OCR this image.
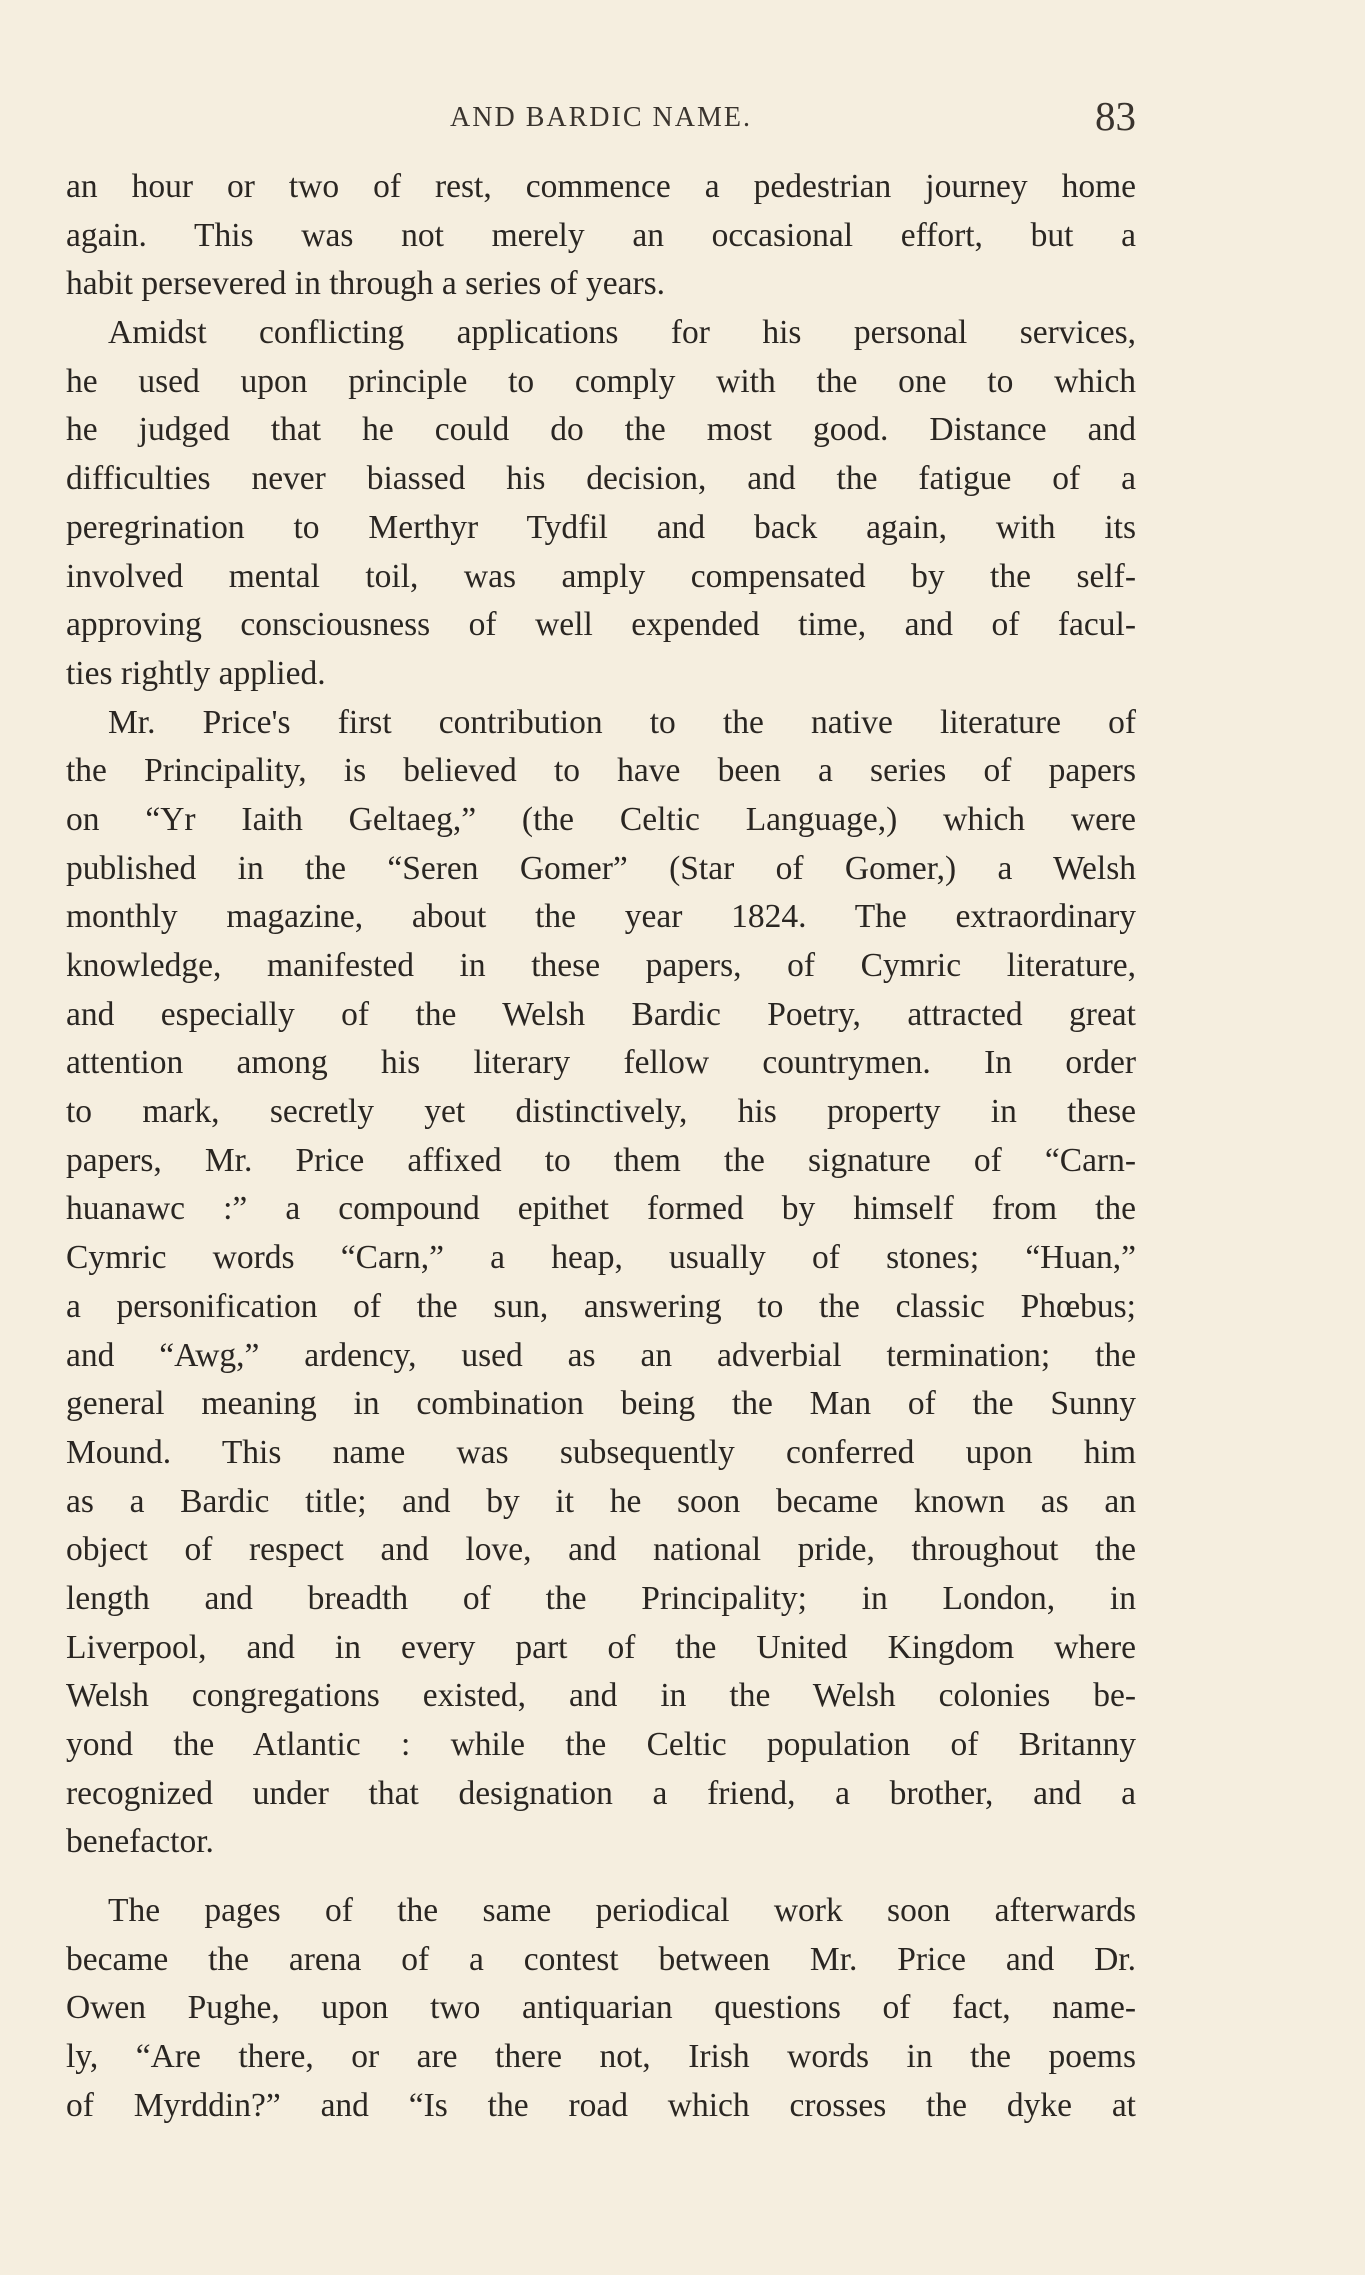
AND BARDIC NAME.	83
an hour or two of rest, commence a pedestrian journey home
again. This was not merely an occasional effort, but a
habit persevered in through a series of years.
Amidst conflicting applications for his personal services,
he used upon principle to comply with the one to which
he judged that he could do the most good. Distance and
difficulties never biassed his decision, and the fatigue of a
peregrination to Merthyr Tydfil and back again, with its
involved mental toil, was amply compensated by the self-
approving consciousness of well expended time, and of facul-
ties rightly applied.
Mr. Price's first contribution to the native literature of
the Principality, is believed to have been a series of papers
on “Yr Iaith Geltaeg,” (the Celtic Language,) which were
published in the “Seren Gomer” (Star of Gomer,) a Welsh
monthly magazine, about the year 1824. The extraordinary
knowledge, manifested in these papers, of Cymric literature,
and especially of the Welsh Bardic Poetry, attracted great
attention among his literary fellow countrymen. In order
to mark, secretly yet distinctively, his property in these
papers, Mr. Price affixed to them the signature of “Carn-
huanawc :” a compound epithet formed by himself from the
Cymric words “Carn,” a heap, usually of stones; “Huan,”
a personification of the sun, answering to the classic Phœbus;
and “Awg,” ardency, used as an adverbial termination; the
general meaning in combination being the Man of the Sunny
Mound. This name was subsequently conferred upon him
as a Bardic title; and by it he soon became known as an
object of respect and love, and national pride, throughout the
length and breadth of the Principality; in London, in
Liverpool, and in every part of the United Kingdom where
Welsh congregations existed, and in the Welsh colonies be-
yond the Atlantic : while the Celtic population of Britanny
recognized under that designation a friend, a brother, and a
benefactor.
The pages of the same periodical work soon afterwards
became the arena of a contest between Mr. Price and Dr.
Owen Pughe, upon two antiquarian questions of fact, name-
ly, “Are there, or are there not, Irish words in the poems
of Myrddin?” and “Is the road which crosses the dyke at
